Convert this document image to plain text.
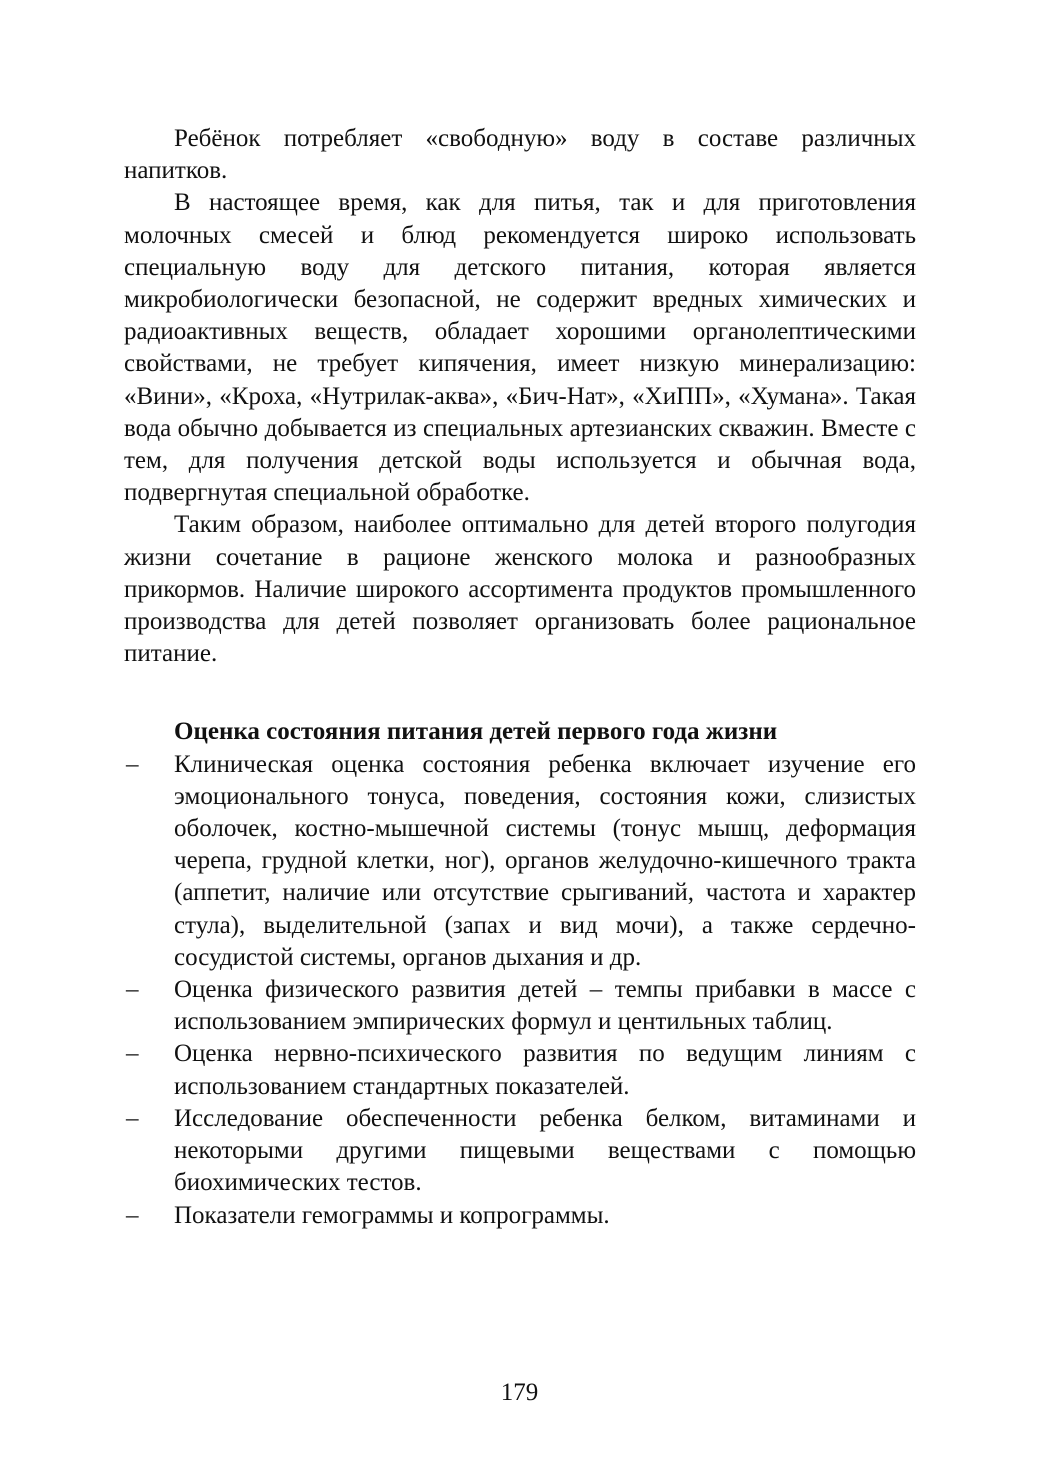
Ребёнок потребляет «свободную» воду в составе различных напитков.

В настоящее время, как для питья, так и для приготовления молочных смесей и блюд рекомендуется широко использовать специальную воду для детского питания, которая является микробиологически безопасной, не содержит вредных химических и радиоактивных веществ, обладает хорошими органолептическими свойствами, не требует кипячения, имеет низкую минерализацию: «Вини», «Кроха, «Нутрилак-аква», «Бич-Нат», «ХиПП», «Хумана». Такая вода обычно добывается из специальных артезианских скважин. Вместе с тем, для получения детской воды используется и обычная вода, подвергнутая специальной обработке.

Таким образом, наиболее оптимально для детей второго полугодия жизни сочетание в рационе женского молока и разнообразных прикормов. Наличие широкого ассортимента продуктов промышленного производства для детей позволяет организовать более рациональное питание.

Оценка состояния питания детей первого года жизни
– Клиническая оценка состояния ребенка включает изучение его эмоционального тонуса, поведения, состояния кожи, слизистых оболочек, костно-мышечной системы (тонус мышц, деформация черепа, грудной клетки, ног), органов желудочно-кишечного тракта (аппетит, наличие или отсутствие срыгиваний, частота и характер стула), выделительной (запах и вид мочи), а также сердечно-сосудистой системы, органов дыхания и др.
– Оценка физического развития детей – темпы прибавки в массе с использованием эмпирических формул и центильных таблиц.
– Оценка нервно-психического развития по ведущим линиям с использованием стандартных показателей.
– Исследование обеспеченности ребенка белком, витаминами и некоторыми другими пищевыми веществами с помощью биохимических тестов.
– Показатели гемограммы и копрограммы.
179
